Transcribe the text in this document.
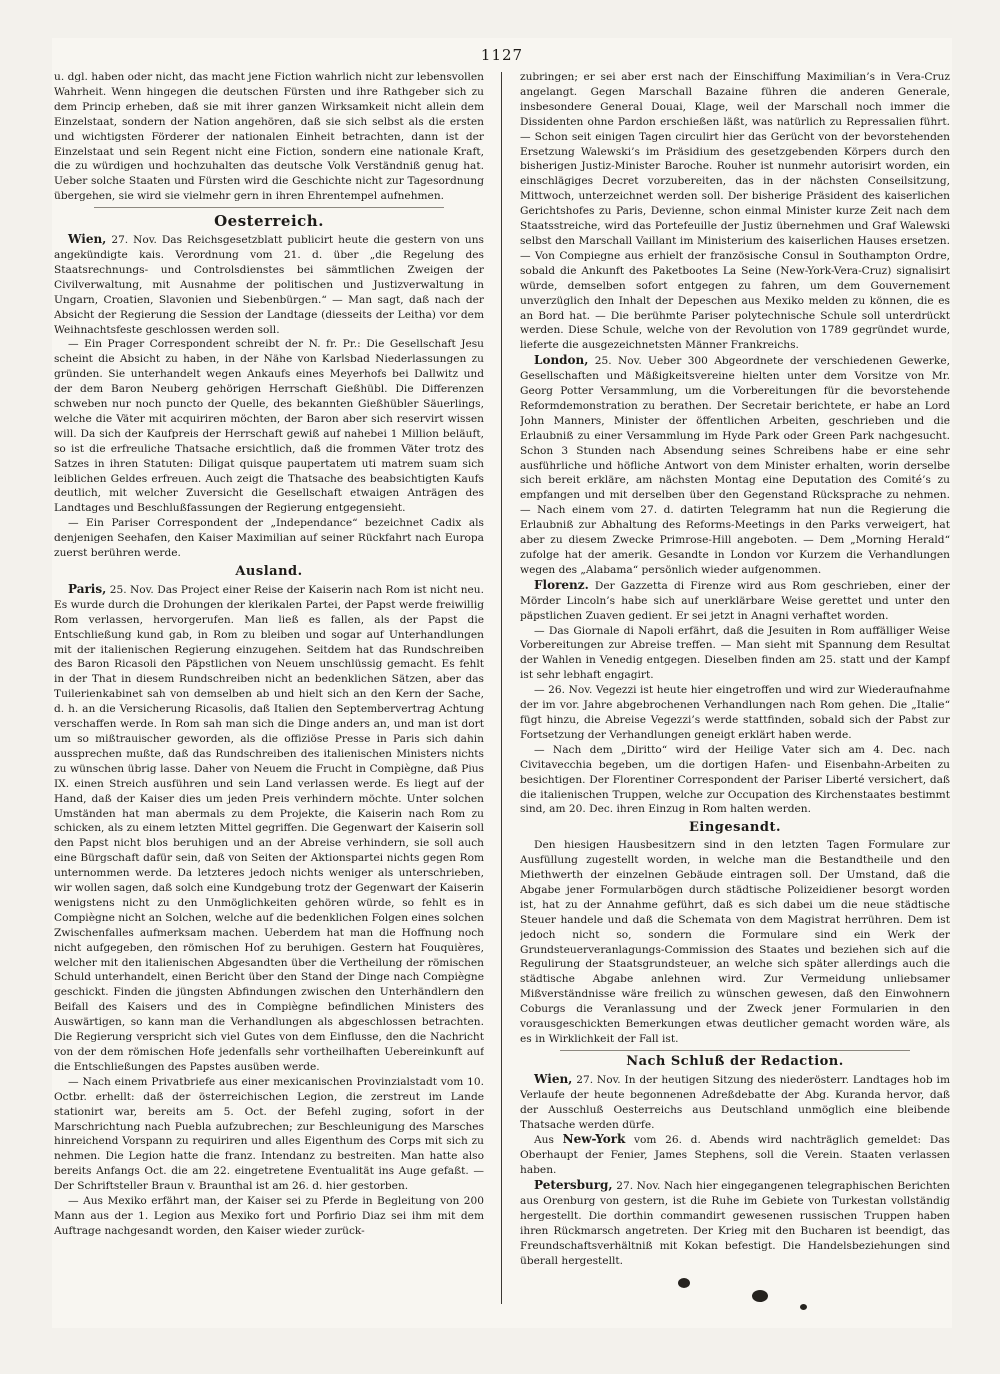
1127

u. dgl. haben oder nicht, das macht jene Fiction wahrlich nicht zur lebensvollen Wahrheit. Wenn hingegen die deutschen Fürsten und ihre Rathgeber sich zu dem Princip erheben, daß sie mit ihrer ganzen Wirksamkeit nicht allein dem Einzelstaat, sondern der Nation angehören, daß sie sich selbst als die ersten und wichtigsten Förderer der nationalen Einheit betrachten, dann ist der Einzelstaat und sein Regent nicht eine Fiction, sondern eine nationale Kraft, die zu würdigen und hochzuhalten das deutsche Volk Verständniß genug hat. Ueber solche Staaten und Fürsten wird die Geschichte nicht zur Tagesordnung übergehen, sie wird sie vielmehr gern in ihren Ehrentempel aufnehmen.

Oesterreich.

Wien, 27. Nov. Das Reichsgesetzblatt publicirt heute die gestern von uns angekündigte kais. Verordnung vom 21. d. über „die Regelung des Staatsrechnungs- und Controlsdienstes bei sämmtlichen Zweigen der Civilverwaltung, mit Ausnahme der politischen und Justizverwaltung in Ungarn, Croatien, Slavonien und Siebenbürgen.“ — Man sagt, daß nach der Absicht der Regierung die Session der Landtage (diesseits der Leitha) vor dem Weihnachtsfeste geschlossen werden soll.

— Ein Prager Correspondent schreibt der N. fr. Pr.: Die Gesellschaft Jesu scheint die Absicht zu haben, in der Nähe von Karlsbad Niederlassungen zu gründen. Sie unterhandelt wegen Ankaufs eines Meyerhofs bei Dallwitz und der dem Baron Neuberg gehörigen Herrschaft Gießhübl. Die Differenzen schweben nur noch puncto der Quelle, des bekannten Gießhübler Säuerlings, welche die Väter mit acquiriren möchten, der Baron aber sich reservirt wissen will. Da sich der Kaufpreis der Herrschaft gewiß auf nahebei 1 Million beläuft, so ist die erfreuliche Thatsache ersichtlich, daß die frommen Väter trotz des Satzes in ihren Statuten: Diligat quisque paupertatem uti matrem suam sich leiblichen Geldes erfreuen. Auch zeigt die Thatsache des beabsichtigten Kaufs deutlich, mit welcher Zuversicht die Gesellschaft etwaigen Anträgen des Landtages und Beschlußfassungen der Regierung entgegensieht.

— Ein Pariser Correspondent der „Independance“ bezeichnet Cadix als denjenigen Seehafen, den Kaiser Maximilian auf seiner Rückfahrt nach Europa zuerst berühren werde.

Ausland.

Paris, 25. Nov. Das Project einer Reise der Kaiserin nach Rom ist nicht neu. Es wurde durch die Drohungen der klerikalen Partei, der Papst werde freiwillig Rom verlassen, hervorgerufen. Man ließ es fallen, als der Papst die Entschließung kund gab, in Rom zu bleiben und sogar auf Unterhandlungen mit der italienischen Regierung einzugehen. Seitdem hat das Rundschreiben des Baron Ricasoli den Päpstlichen von Neuem unschlüssig gemacht. Es fehlt in der That in diesem Rundschreiben nicht an bedenklichen Sätzen, aber das Tuilerienkabinet sah von demselben ab und hielt sich an den Kern der Sache, d. h. an die Versicherung Ricasolis, daß Italien den Septembervertrag Achtung verschaffen werde. In Rom sah man sich die Dinge anders an, und man ist dort um so mißtrauischer geworden, als die offiziöse Presse in Paris sich dahin aussprechen mußte, daß das Rundschreiben des italienischen Ministers nichts zu wünschen übrig lasse. Daher von Neuem die Frucht in Compiègne, daß Pius IX. einen Streich ausführen und sein Land verlassen werde. Es liegt auf der Hand, daß der Kaiser dies um jeden Preis verhindern möchte. Unter solchen Umständen hat man abermals zu dem Projekte, die Kaiserin nach Rom zu schicken, als zu einem letzten Mittel gegriffen. Die Gegenwart der Kaiserin soll den Papst nicht blos beruhigen und an der Abreise verhindern, sie soll auch eine Bürgschaft dafür sein, daß von Seiten der Aktionspartei nichts gegen Rom unternommen werde. Da letzteres jedoch nichts weniger als unterschrieben, wir wollen sagen, daß solch eine Kundgebung trotz der Gegenwart der Kaiserin wenigstens nicht zu den Unmöglichkeiten gehören würde, so fehlt es in Compiègne nicht an Solchen, welche auf die bedenklichen Folgen eines solchen Zwischenfalles aufmerksam machen. Ueberdem hat man die Hoffnung noch nicht aufgegeben, den römischen Hof zu beruhigen. Gestern hat Fouquières, welcher mit den italienischen Abgesandten über die Vertheilung der römischen Schuld unterhandelt, einen Bericht über den Stand der Dinge nach Compiègne geschickt. Finden die jüngsten Abfindungen zwischen den Unterhändlern den Beifall des Kaisers und des in Compiègne befindlichen Ministers des Auswärtigen, so kann man die Verhandlungen als abgeschlossen betrachten. Die Regierung verspricht sich viel Gutes von dem Einflusse, den die Nachricht von der dem römischen Hofe jedenfalls sehr vortheilhaften Uebereinkunft auf die Entschließungen des Papstes ausüben werde.

— Nach einem Privatbriefe aus einer mexicanischen Provinzialstadt vom 10. Octbr. erhellt: daß der österreichischen Legion, die zerstreut im Lande stationirt war, bereits am 5. Oct. der Befehl zuging, sofort in der Marschrichtung nach Puebla aufzubrechen; zur Beschleunigung des Marsches hinreichend Vorspann zu requiriren und alles Eigenthum des Corps mit sich zu nehmen. Die Legion hatte die franz. Intendanz zu bestreiten. Man hatte also bereits Anfangs Oct. die am 22. eingetretene Eventualität ins Auge gefaßt. — Der Schriftsteller Braun v. Braunthal ist am 26. d. hier gestorben.

— Aus Mexiko erfährt man, der Kaiser sei zu Pferde in Begleitung von 200 Mann aus der 1. Legion aus Mexiko fort und Porfirio Diaz sei ihm mit dem Auftrage nachgesandt worden, den Kaiser wieder zurück-

zubringen; er sei aber erst nach der Einschiffung Maximilian’s in Vera-Cruz angelangt. Gegen Marschall Bazaine führen die anderen Generale, insbesondere General Douai, Klage, weil der Marschall noch immer die Dissidenten ohne Pardon erschießen läßt, was natürlich zu Repressalien führt. — Schon seit einigen Tagen circulirt hier das Gerücht von der bevorstehenden Ersetzung Walewski’s im Präsidium des gesetzgebenden Körpers durch den bisherigen Justiz-Minister Baroche. Rouher ist nunmehr autorisirt worden, ein einschlägiges Decret vorzubereiten, das in der nächsten Conseilsitzung, Mittwoch, unterzeichnet werden soll. Der bisherige Präsident des kaiserlichen Gerichtshofes zu Paris, Devienne, schon einmal Minister kurze Zeit nach dem Staatsstreiche, wird das Portefeuille der Justiz übernehmen und Graf Walewski selbst den Marschall Vaillant im Ministerium des kaiserlichen Hauses ersetzen. — Von Compiegne aus erhielt der französische Consul in Southampton Ordre, sobald die Ankunft des Paketbootes La Seine (New-York-Vera-Cruz) signalisirt würde, demselben sofort entgegen zu fahren, um dem Gouvernement unverzüglich den Inhalt der Depeschen aus Mexiko melden zu können, die es an Bord hat. — Die berühmte Pariser polytechnische Schule soll unterdrückt werden. Diese Schule, welche von der Revolution von 1789 gegründet wurde, lieferte die ausgezeichnetsten Männer Frankreichs.

London, 25. Nov. Ueber 300 Abgeordnete der verschiedenen Gewerke, Gesellschaften und Mäßigkeitsvereine hielten unter dem Vorsitze von Mr. Georg Potter Versammlung, um die Vorbereitungen für die bevorstehende Reformdemonstration zu berathen. Der Secretair berichtete, er habe an Lord John Manners, Minister der öffentlichen Arbeiten, geschrieben und die Erlaubniß zu einer Versammlung im Hyde Park oder Green Park nachgesucht. Schon 3 Stunden nach Absendung seines Schreibens habe er eine sehr ausführliche und höfliche Antwort von dem Minister erhalten, worin derselbe sich bereit erkläre, am nächsten Montag eine Deputation des Comité’s zu empfangen und mit derselben über den Gegenstand Rücksprache zu nehmen. — Nach einem vom 27. d. datirten Telegramm hat nun die Regierung die Erlaubniß zur Abhaltung des Reforms-Meetings in den Parks verweigert, hat aber zu diesem Zwecke Primrose-Hill angeboten. — Dem „Morning Herald“ zufolge hat der amerik. Gesandte in London vor Kurzem die Verhandlungen wegen des „Alabama“ persönlich wieder aufgenommen.

Florenz. Der Gazzetta di Firenze wird aus Rom geschrieben, einer der Mörder Lincoln’s habe sich auf unerklärbare Weise gerettet und unter den päpstlichen Zuaven gedient. Er sei jetzt in Anagni verhaftet worden.

— Das Giornale di Napoli erfährt, daß die Jesuiten in Rom auffälliger Weise Vorbereitungen zur Abreise treffen. — Man sieht mit Spannung dem Resultat der Wahlen in Venedig entgegen. Dieselben finden am 25. statt und der Kampf ist sehr lebhaft engagirt.

— 26. Nov. Vegezzi ist heute hier eingetroffen und wird zur Wiederaufnahme der im vor. Jahre abgebrochenen Verhandlungen nach Rom gehen. Die „Italie“ fügt hinzu, die Abreise Vegezzi’s werde stattfinden, sobald sich der Pabst zur Fortsetzung der Verhandlungen geneigt erklärt haben werde.

— Nach dem „Diritto“ wird der Heilige Vater sich am 4. Dec. nach Civitavecchia begeben, um die dortigen Hafen- und Eisenbahn-Arbeiten zu besichtigen. Der Florentiner Correspondent der Pariser Liberté versichert, daß die italienischen Truppen, welche zur Occupation des Kirchenstaates bestimmt sind, am 20. Dec. ihren Einzug in Rom halten werden.

Eingesandt.

Den hiesigen Hausbesitzern sind in den letzten Tagen Formulare zur Ausfüllung zugestellt worden, in welche man die Bestandtheile und den Miethwerth der einzelnen Gebäude eintragen soll. Der Umstand, daß die Abgabe jener Formularbögen durch städtische Polizeidiener besorgt worden ist, hat zu der Annahme geführt, daß es sich dabei um die neue städtische Steuer handele und daß die Schemata von dem Magistrat herrühren. Dem ist jedoch nicht so, sondern die Formulare sind ein Werk der Grundsteuerveranlagungs-Commission des Staates und beziehen sich auf die Regulirung der Staatsgrundsteuer, an welche sich später allerdings auch die städtische Abgabe anlehnen wird. Zur Vermeidung unliebsamer Mißverständnisse wäre freilich zu wünschen gewesen, daß den Einwohnern Coburgs die Veranlassung und der Zweck jener Formularien in den vorausgeschickten Bemerkungen etwas deutlicher gemacht worden wäre, als es in Wirklichkeit der Fall ist.

Nach Schluß der Redaction.

Wien, 27. Nov. In der heutigen Sitzung des niederösterr. Landtages hob im Verlaufe der heute begonnenen Adreßdebatte der Abg. Kuranda hervor, daß der Ausschluß Oesterreichs aus Deutschland unmöglich eine bleibende Thatsache werden dürfe.

Aus New-York vom 26. d. Abends wird nachträglich gemeldet: Das Oberhaupt der Fenier, James Stephens, soll die Verein. Staaten verlassen haben.

Petersburg, 27. Nov. Nach hier eingegangenen telegraphischen Berichten aus Orenburg von gestern, ist die Ruhe im Gebiete von Turkestan vollständig hergestellt. Die dorthin commandirt gewesenen russischen Truppen haben ihren Rückmarsch angetreten. Der Krieg mit den Bucharen ist beendigt, das Freundschaftsverhältniß mit Kokan befestigt. Die Handelsbeziehungen sind überall hergestellt.
